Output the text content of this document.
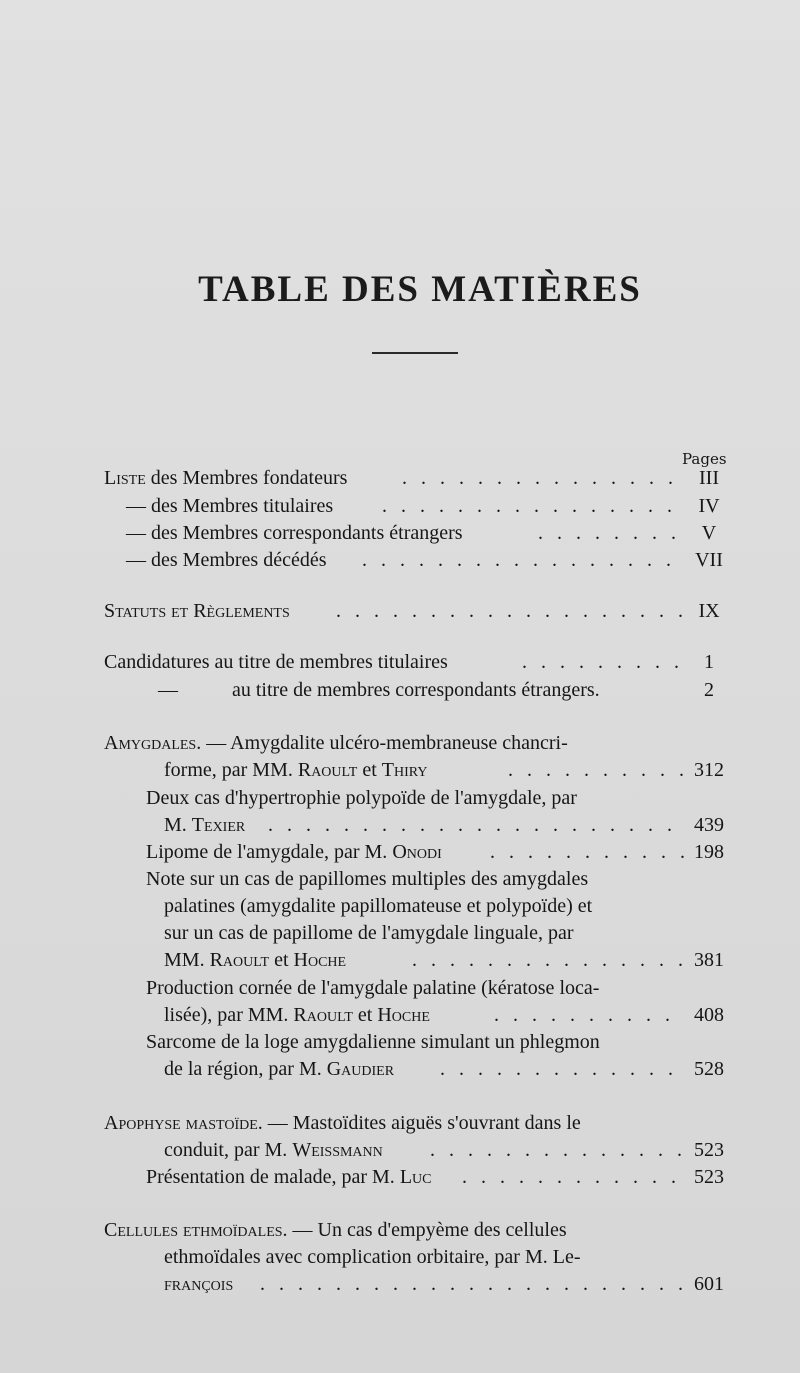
TABLE DES MATIÈRES
Pages
Liste des Membres fondateurs . . .	III
— des Membres titulaires . . .	IV
— des Membres correspondants étrangers . . .	V
— des Membres décédés . . .	VII
Statuts et Règlements . . .	IX
Candidatures au titre de membres titulaires . . .	1
—	au titre de membres correspondants étrangers.	2
Amygdales. — Amygdalite ulcéro-membraneuse chancri-
forme, par MM. Raoult et Thiry . . .	312
Deux cas d'hypertrophie polypoïde de l'amygdale, par
M. Texier . . .	439
Lipome de l'amygdale, par M. Onodi . . .	198
Note sur un cas de papillomes multiples des amygdales
palatines (amygdalite papillomateuse et polypoïde) et
sur un cas de papillome de l'amygdale linguale, par
MM. Raoult et Hoche . . .	381
Production cornée de l'amygdale palatine (kératose loca-
lisée), par MM. Raoult et Hoche . . .	408
Sarcome de la loge amygdalienne simulant un phlegmon
de la région, par M. Gaudier . . .	528
Apophyse mastoïde. — Mastoïdites aiguës s'ouvrant dans le
conduit, par M. Weissmann . . .	523
Présentation de malade, par M. Luc . . .	523
Cellules ethmoïdales. — Un cas d'empyème des cellules
ethmoïdales avec complication orbitaire, par M. Le-
françois . . .	601
